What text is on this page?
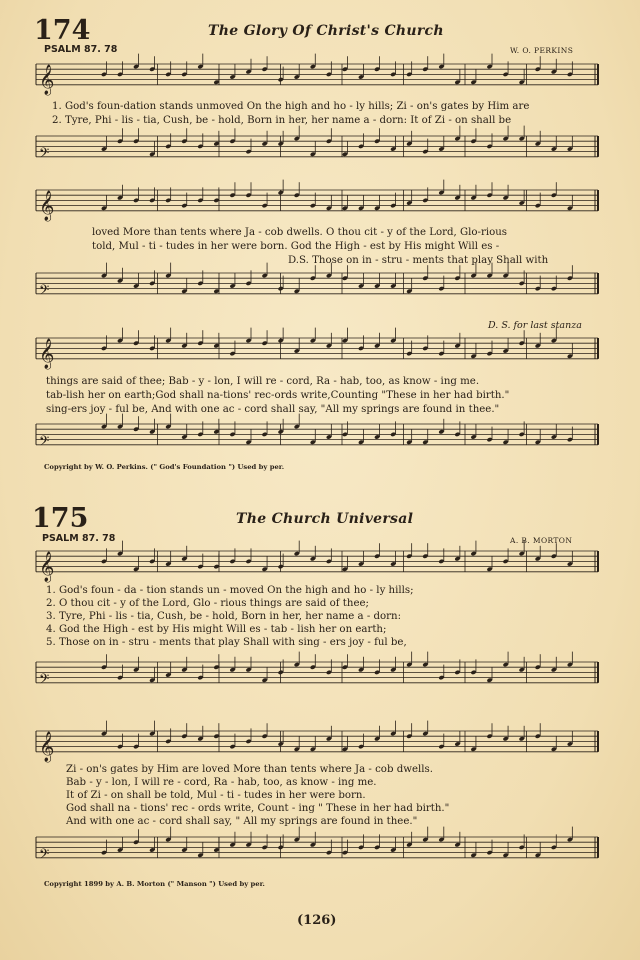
174	The Glory Of Christ's Church
PSALM 87. 78	W. O. PERKINS
𝄞
𝄢
𝄞
𝄢
𝄞
𝄢
𝄞
𝄢
𝄞
𝄢
1. God's foun-dation stands unmoved On the high and ho - ly hills; Zi - on's gates by Him are
2. Tyre, Phi - lis - tia, Cush, be - hold, Born in her, her name a - dorn: It of Zi - on shall be
loved More than tents where Ja - cob dwells. O thou cit - y of the Lord, Glo-rious
told, Mul - ti - tudes in her were born. God the High - est by His might Will es -
D.S. Those on in - stru - ments that play Shall with
D. S. for last stanza
things are said of thee; Bab - y - lon, I will re - cord, Ra - hab, too, as know - ing me.
tab-lish her on earth;God shall na-tions' rec-ords write,Counting "These in her had birth."
sing-ers joy - ful be, And with one ac - cord shall say, "All my springs are found in thee."
Copyright by W. O. Perkins. (" God's Foundation ") Used by per.
175	The Church Universal
PSALM 87. 78	A. B. MORTON
1. God's foun - da - tion stands un - moved On the high and ho - ly hills;
2. O thou cit - y of the Lord, Glo - rious things are said of thee;
3. Tyre, Phi - lis - tia, Cush, be - hold, Born in her, her name a - dorn:
4. God the High - est by His might Will es - tab - lish her on earth;
5. Those on in - stru - ments that play Shall with sing - ers joy - ful be,
Zi - on's gates by Him are loved More than tents where Ja - cob dwells.
Bab - y - lon, I will re - cord, Ra - hab, too, as know - ing me.
It of Zi - on shall be told, Mul - ti - tudes in her were born.
God shall na - tions' rec - ords write, Count - ing " These in her had birth."
And with one ac - cord shall say, " All my springs are found in thee."
Copyright 1899 by A. B. Morton (" Manson ") Used by per.
(126)
